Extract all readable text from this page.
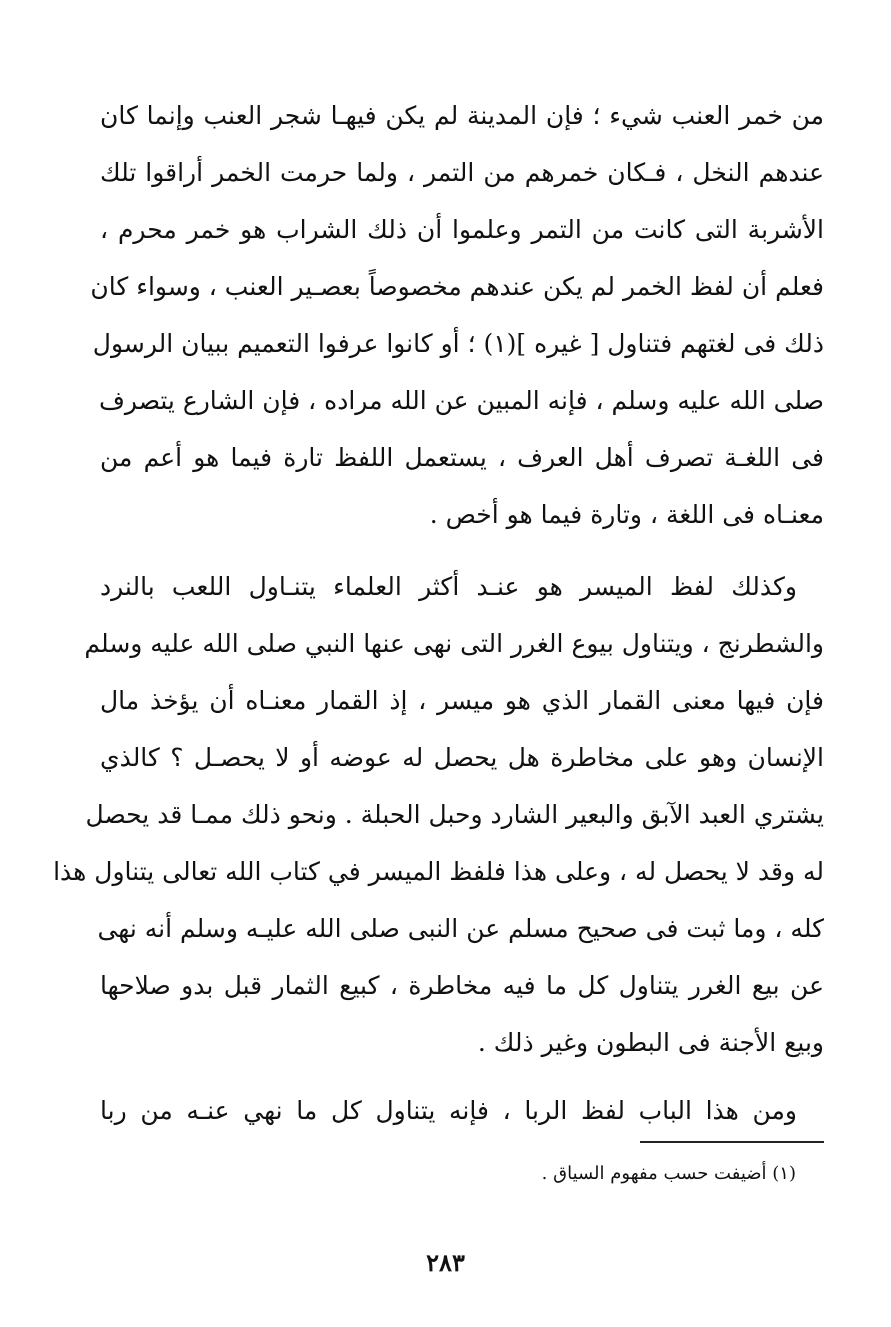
من خمر العنب شيء ؛ فإن المدينة لم يكن فيهـا شجر العنب وإنما كان
عندهم النخل ، فـكان خمرهم من التمر ، ولما حرمت الخمر أراقوا تلك
الأشربة التى كانت من التمر وعلموا أن ذلك الشراب هو خمر محرم ،
فعلم أن لفظ الخمر لم يكن عندهم مخصوصاً بعصـير العنب ، وسواء كان
ذلك فى لغتهم فتناول [ غيره ](١) ؛ أو كانوا عرفوا التعميم ببيان الرسول
صلى الله عليه وسلم ، فإنه المبين عن الله مراده ، فإن الشارع يتصرف
فى اللغـة تصرف أهل العرف ، يستعمل اللفظ تارة فيما هو أعم من
معنـاه فى اللغة ، وتارة فيما هو أخص .
وكذلك لفظ الميسر هو عنـد أكثر العلماء يتنـاول اللعب بالنرد
والشطرنج ، ويتناول بيوع الغرر التى نهى عنها النبي صلى الله عليه وسلم
فإن فيها معنى القمار الذي هو ميسر ، إذ القمار معنـاه أن يؤخذ مال
الإنسان وهو على مخاطرة هل يحصل له عوضه أو لا يحصـل ؟ كالذي
يشتري العبد الآبق والبعير الشارد وحبل الحبلة . ونحو ذلك ممـا قد يحصل
له وقد لا يحصل له ، وعلى هذا فلفظ الميسر في كتاب الله تعالى يتناول هذا
كله ، وما ثبت فى صحيح مسلم عن النبى صلى الله عليـه وسلم أنه نهى
عن بيع الغرر يتناول كل ما فيه مخاطرة ، كبيع الثمار قبل بدو صلاحها
وبيع الأجنة فى البطون وغير ذلك .
ومن هذا الباب لفظ الربا ، فإنه يتناول كل ما نهي عنـه من ربا
(١) أضيفت حسب مفهوم السياق .
٢٨٣
